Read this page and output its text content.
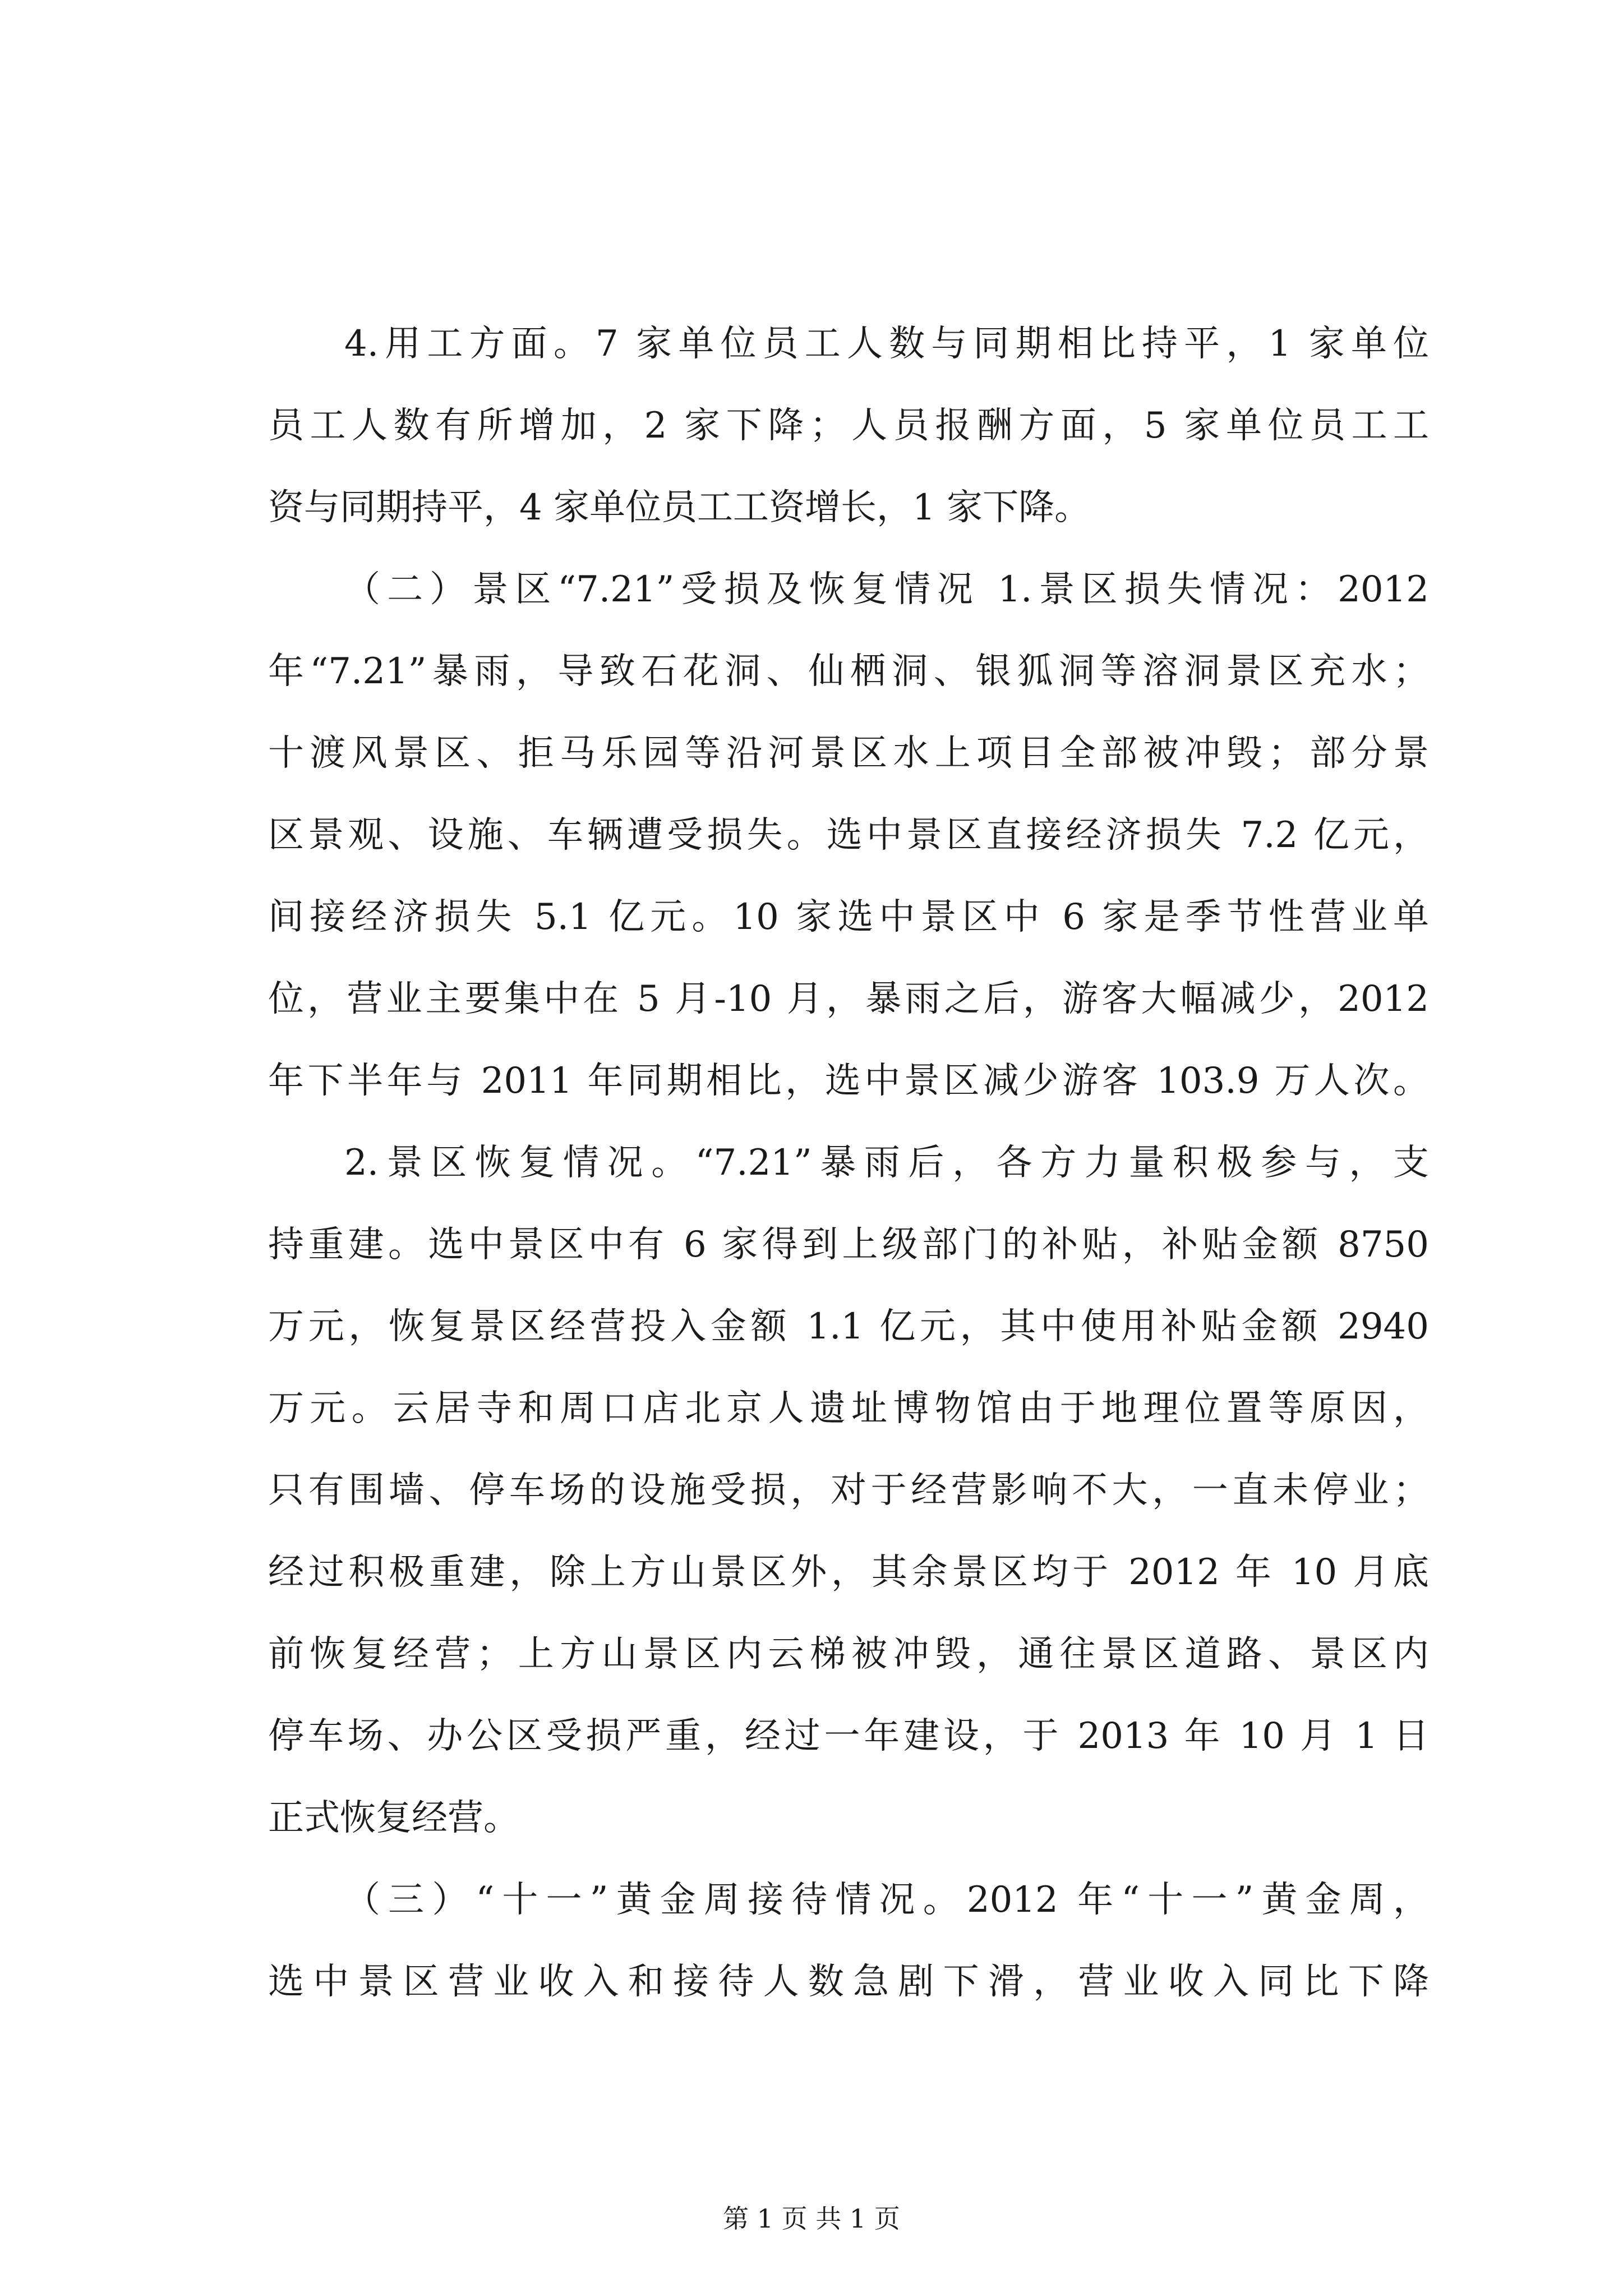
4.用工方面。7 家单位员工人数与同期相比持平，1 家单位
员工人数有所增加，2 家下降；人员报酬方面，5 家单位员工工
资与同期持平，4 家单位员工工资增长，1 家下降。
（二）景区“7.21”受损及恢复情况 1.景区损失情况：2012
年“7.21”暴雨，导致石花洞、仙栖洞、银狐洞等溶洞景区充水；
十渡风景区、拒马乐园等沿河景区水上项目全部被冲毁；部分景
区景观、设施、车辆遭受损失。选中景区直接经济损失 7.2 亿元，
间接经济损失 5.1 亿元。10 家选中景区中 6 家是季节性营业单
位，营业主要集中在 5 月-10 月，暴雨之后，游客大幅减少，2012
年下半年与 2011 年同期相比，选中景区减少游客 103.9 万人次。
2.景区恢复情况。“7.21”暴雨后，各方力量积极参与，支
持重建。选中景区中有 6 家得到上级部门的补贴，补贴金额 8750
万元，恢复景区经营投入金额 1.1 亿元，其中使用补贴金额 2940
万元。云居寺和周口店北京人遗址博物馆由于地理位置等原因，
只有围墙、停车场的设施受损，对于经营影响不大，一直未停业；
经过积极重建，除上方山景区外，其余景区均于 2012 年 10 月底
前恢复经营；上方山景区内云梯被冲毁，通往景区道路、景区内
停车场、办公区受损严重，经过一年建设，于 2013 年 10 月 1 日
正式恢复经营。
（三）“十一”黄金周接待情况。2012 年“十一”黄金周，
选中景区营业收入和接待人数急剧下滑，营业收入同比下降
第 1 页 共 1 页
